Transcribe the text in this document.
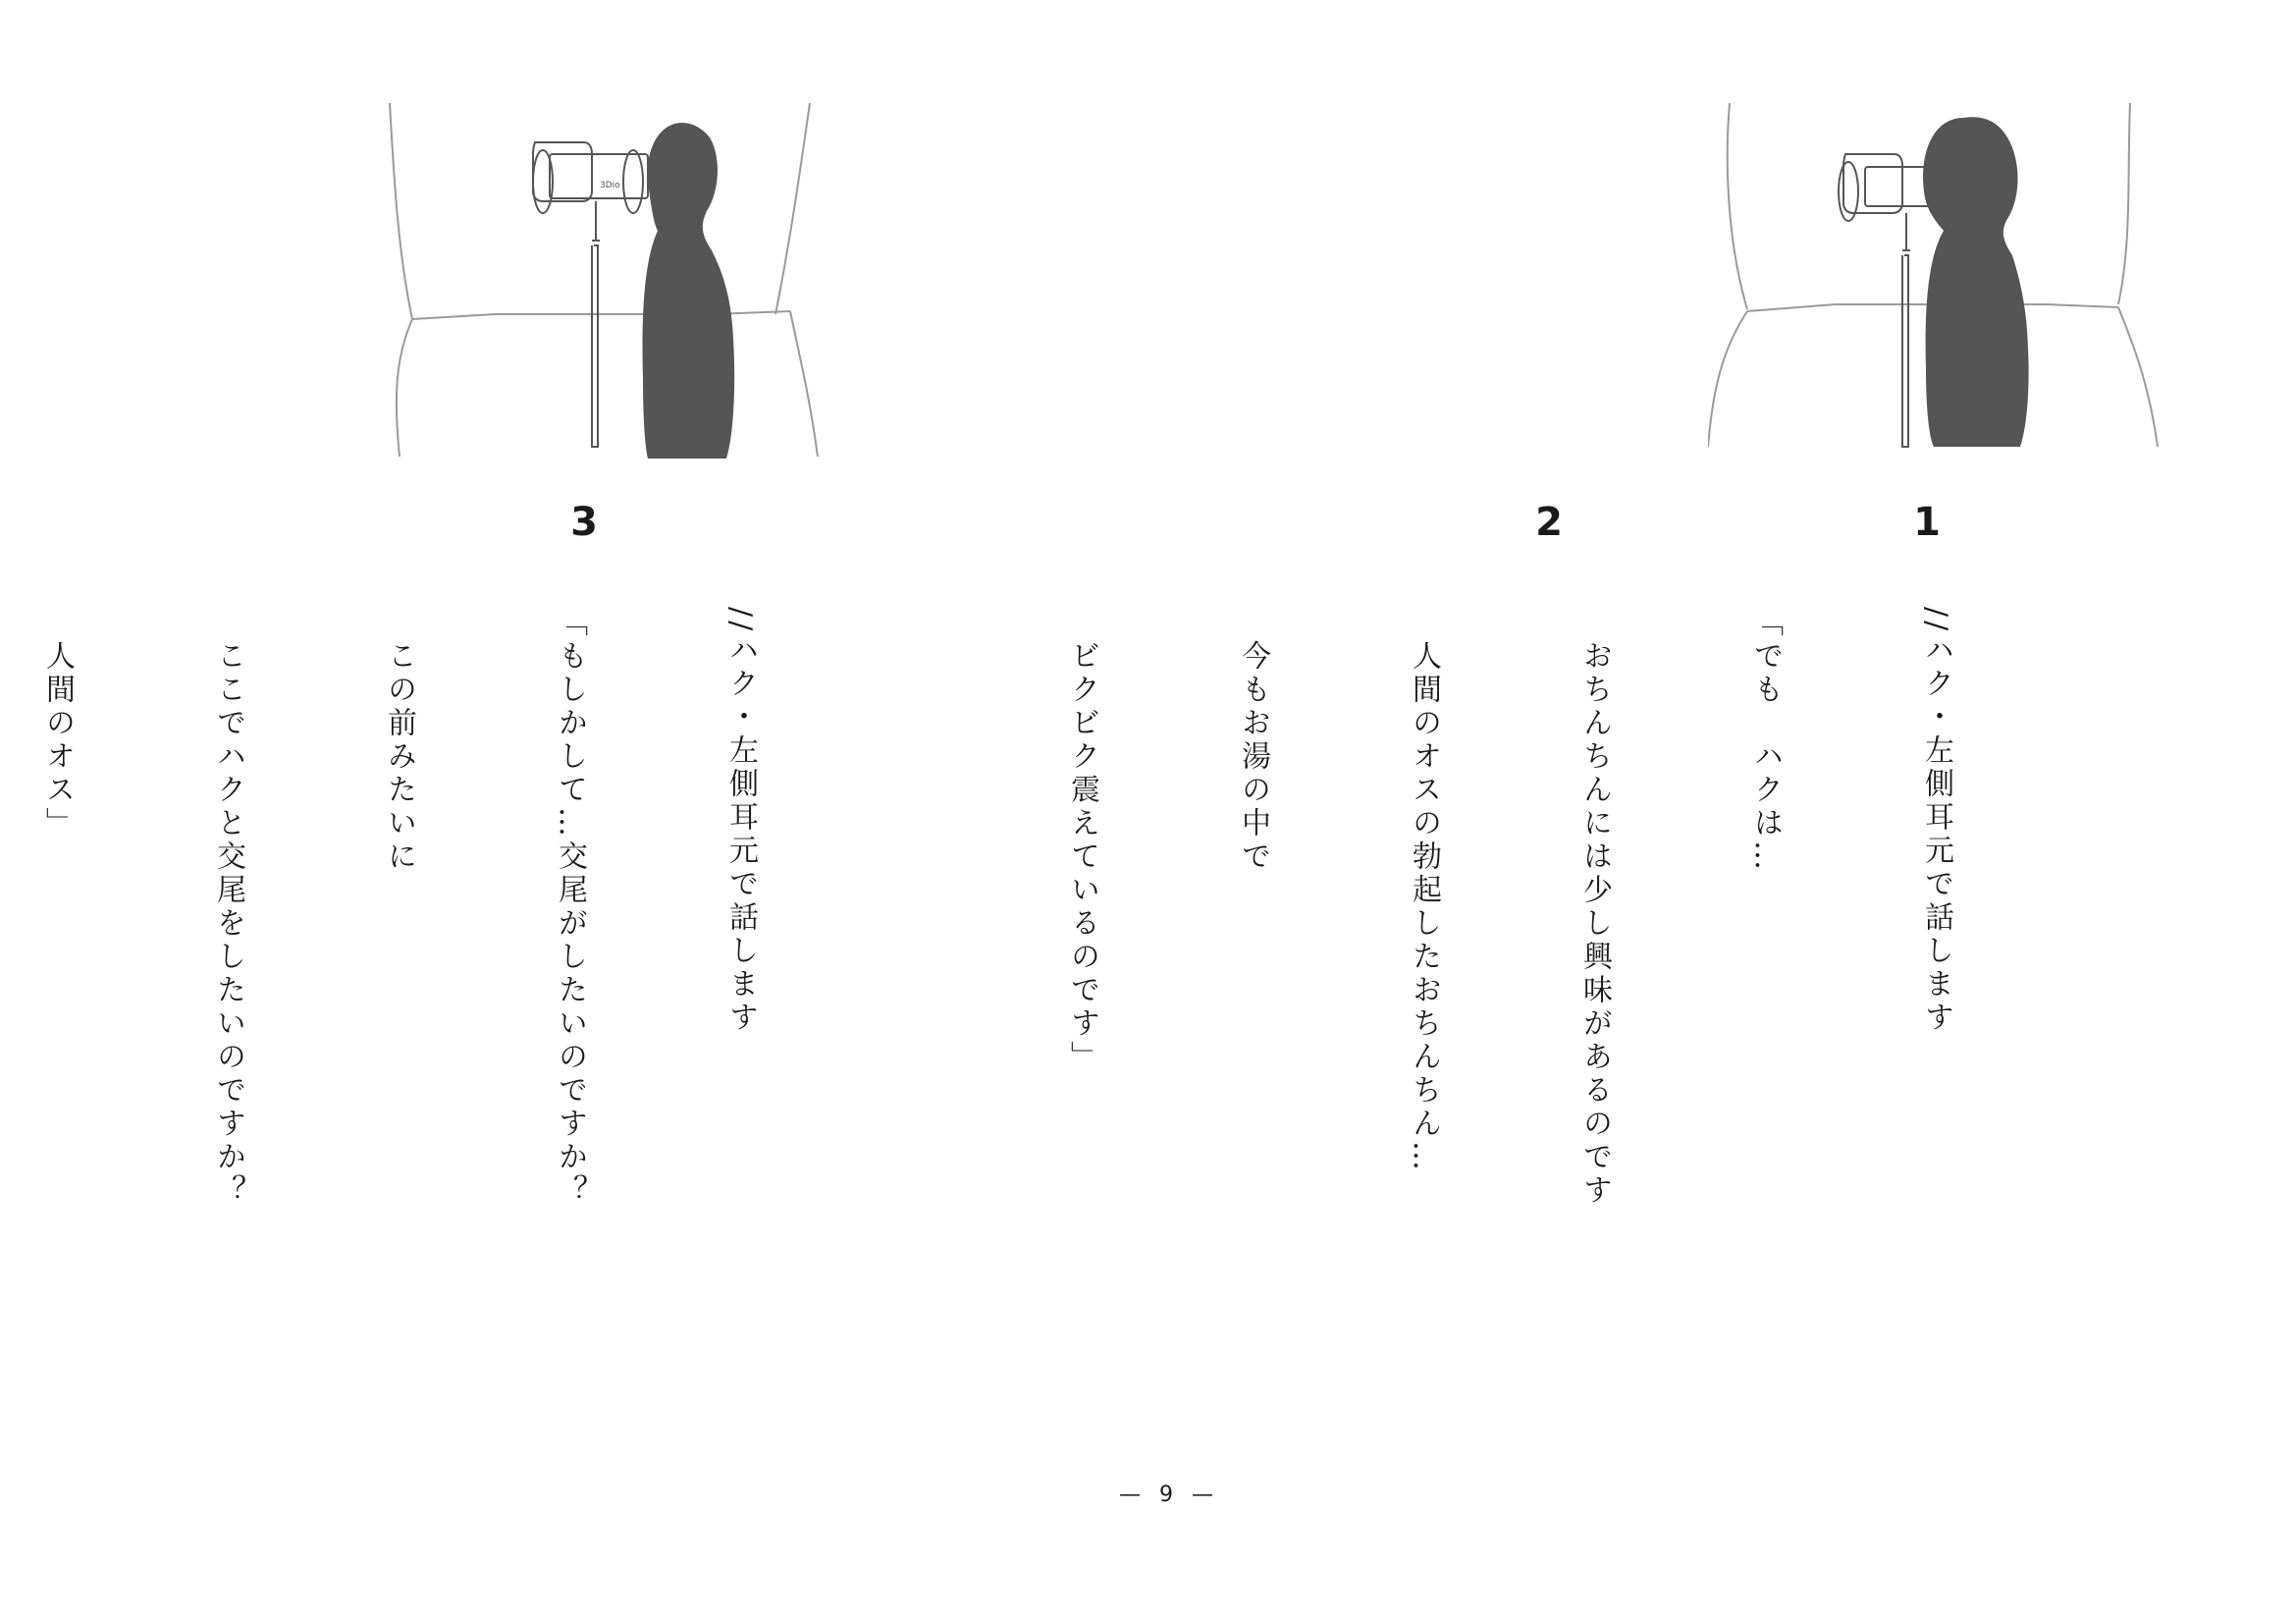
3Dio
1
2
3

//ハク・左側耳元で話します

「でも　ハクは…

　おちんちんには少し興味があるのです

　人間のオスの勃起したおちんちん…

　今もお湯の中で

　ビクビク震えているのです」

//ハク・左側耳元で話します

「もしかして…交尾がしたいのですか？

　この前みたいに

　ここでハクと交尾をしたいのですか？

　人間のオス」

— 9 —
